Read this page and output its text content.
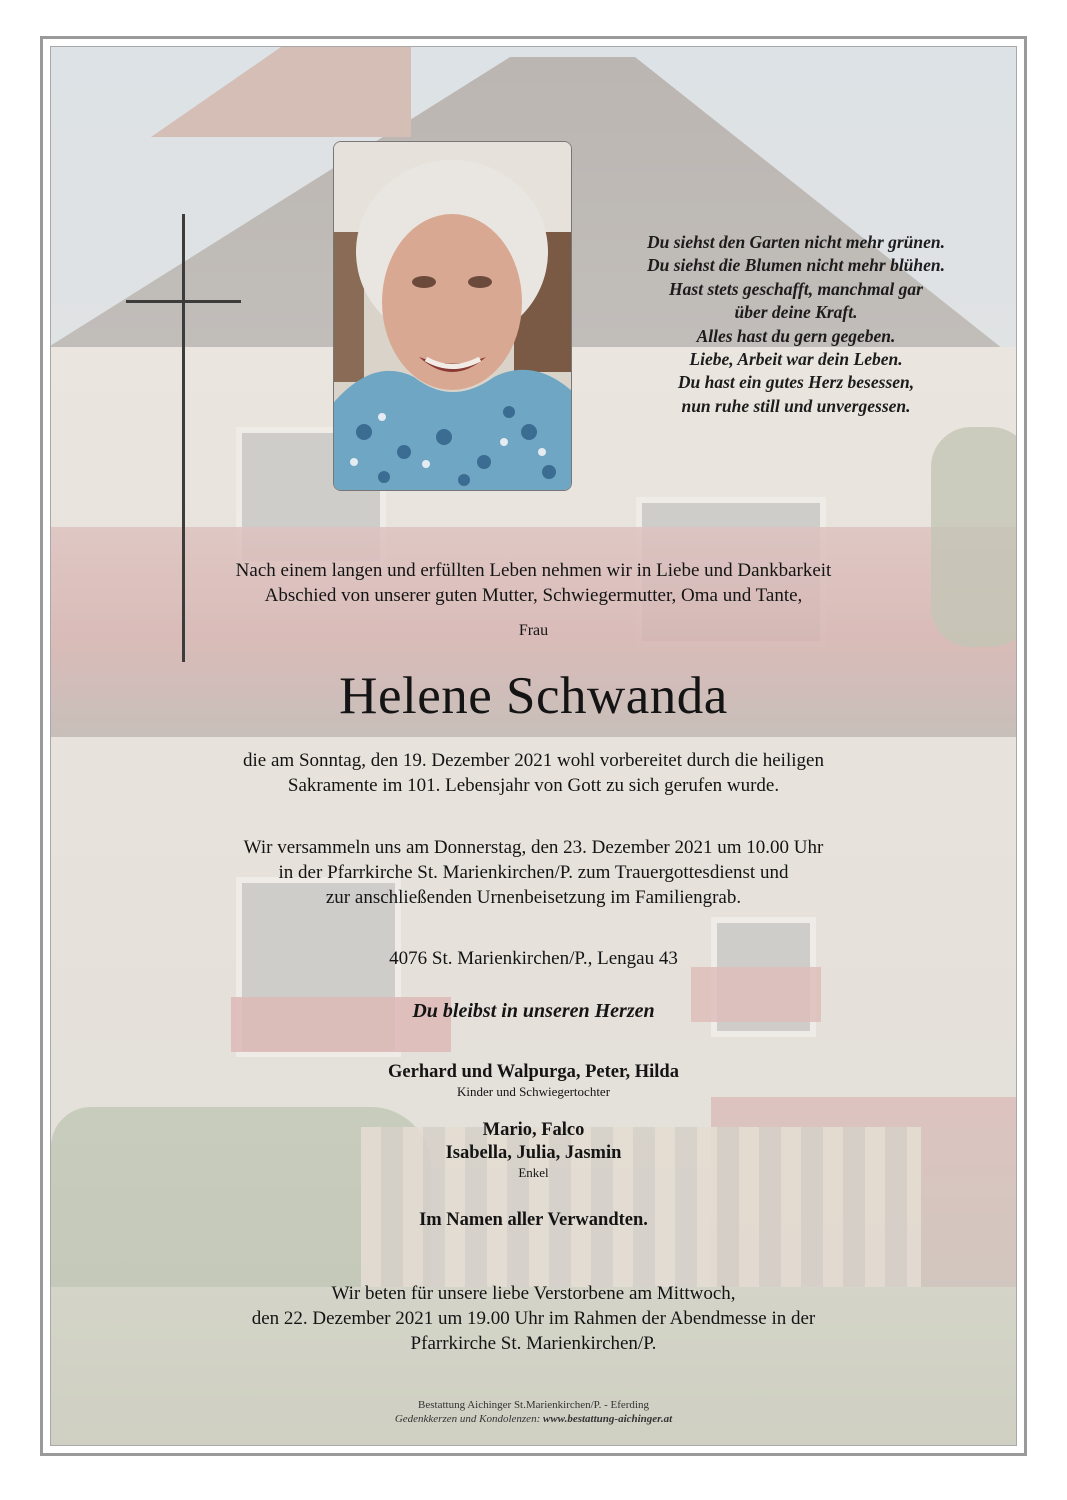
Du siehst den Garten nicht mehr grünen.
Du siehst die Blumen nicht mehr blühen.
Hast stets geschafft, manchmal gar
über deine Kraft.
Alles hast du gern gegeben.
Liebe, Arbeit war dein Leben.
Du hast ein gutes Herz besessen,
nun ruhe still und unvergessen.
Nach einem langen und erfüllten Leben nehmen wir in Liebe und Dankbarkeit
Abschied von unserer guten Mutter, Schwiegermutter, Oma und Tante,
Frau
Helene Schwanda
die am Sonntag, den 19. Dezember 2021 wohl vorbereitet durch die heiligen
Sakramente im 101. Lebensjahr von Gott zu sich gerufen wurde.
Wir versammeln uns am Donnerstag, den 23. Dezember 2021 um 10.00 Uhr
in der Pfarrkirche St. Marienkirchen/P. zum Trauergottesdienst und
zur anschließenden Urnenbeisetzung im Familiengrab.
4076 St. Marienkirchen/P., Lengau 43
Du bleibst in unseren Herzen
Gerhard und Walpurga, Peter, Hilda
Kinder und Schwiegertochter
Mario, Falco
Isabella, Julia, Jasmin
Enkel
Im Namen aller Verwandten.
Wir beten für unsere liebe Verstorbene am Mittwoch,
den 22. Dezember 2021 um 19.00 Uhr im Rahmen der Abendmesse in der
Pfarrkirche St. Marienkirchen/P.
Bestattung Aichinger St.Marienkirchen/P. - Eferding
Gedenkkerzen und Kondolenzen: www.bestattung-aichinger.at
